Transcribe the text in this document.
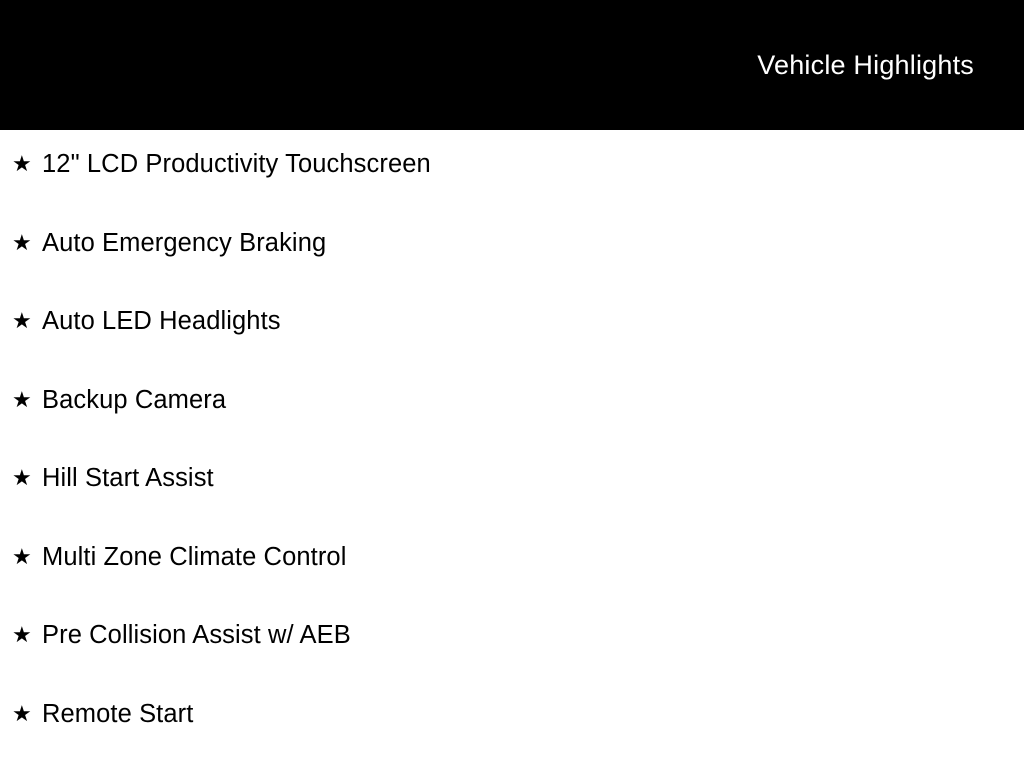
Vehicle Highlights
★ 12" LCD Productivity Touchscreen
★ Auto Emergency Braking
★ Auto LED Headlights
★ Backup Camera
★ Hill Start Assist
★ Multi Zone Climate Control
★ Pre Collision Assist w/ AEB
★ Remote Start
